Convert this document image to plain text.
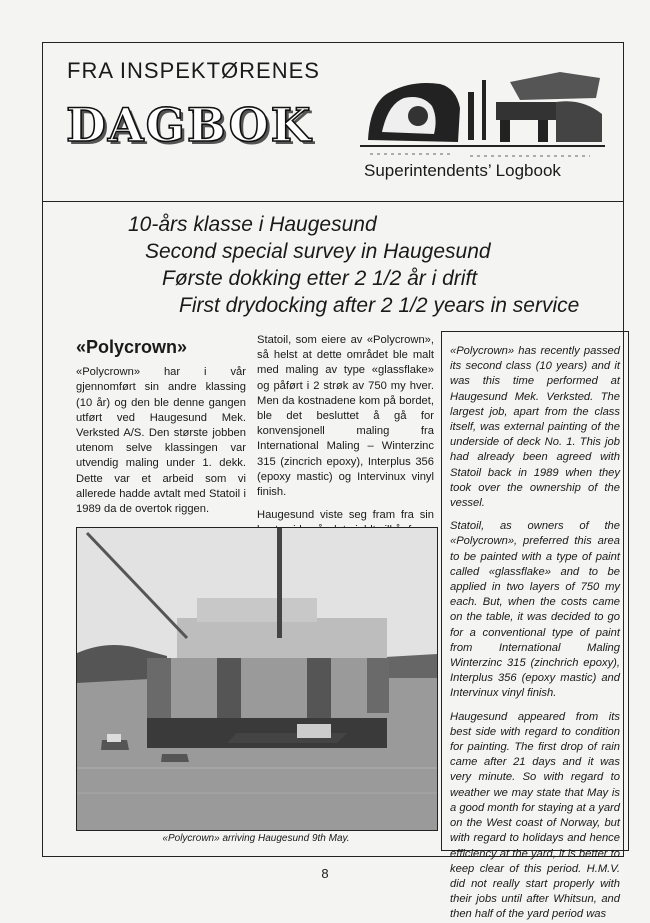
FRA INSPEKTØRENES
DAGBOK
Superintendents’ Logbook
10-års klasse i Haugesund
Second special survey in Haugesund
Første dokking etter 2 1/2 år i drift
First drydocking after 2 1/2 years in service
«Polycrown»

«Polycrown» har i vår gjennomført sin andre klassing (10 år) og den ble denne gangen utført ved Haugesund Mek. Verksted A/S. Den største jobben utenom selve klassingen var utvendig maling under 1. dekk. Dette var et arbeid som vi allerede hadde avtalt med Statoil i 1989 da de overtok riggen.

Statoil, som eiere av «Polycrown», så helst at dette området ble malt med maling av type «glassflake» og påført i 2 strøk av 750 my hver. Men da kostnadene kom på bordet, ble det besluttet å gå for konvensjonell maling fra International Maling – Winterzinc 315 (zincrich epoxy), Interplus 356 (epoxy mastic) og Intervinux vinyl finish.

Haugesund viste seg fram fra sin

«Polycrown» arriving Haugesund 9th May.

«Polycrown» has recently passed its second class (10 years) and it was this time performed at Haugesund Mek. Verksted. The largest job, apart from the class itself, was external painting of the underside of deck No. 1. This job had already been agreed with Statoil back in 1989 when they took over the ownership of the vessel.

Statoil, as owners of the «Polycrown», preferred this area to be painted with a type of paint called «glassflake» and to be applied in two layers of 750 my each. But, when the costs came on the table, it was decided to go for a conventional type of paint from International Maling Winterzinc 315 (zinchrich epoxy), Interplus 356 (epoxy mastic) and Intervinux vinyl finish.

Haugesund appeared from its best side with regard to condition for painting. The first drop of rain came after 21 days and it was very minute. So with regard to weather we may state that May is a good month for staying at a yard on the West coast of Norway, but with regard to holidays and hence efficiency at the yard, it is better to keep clear of this period. H.M.V. did not really start properly with their jobs until after Whitsun, and then half of the yard period was

8
